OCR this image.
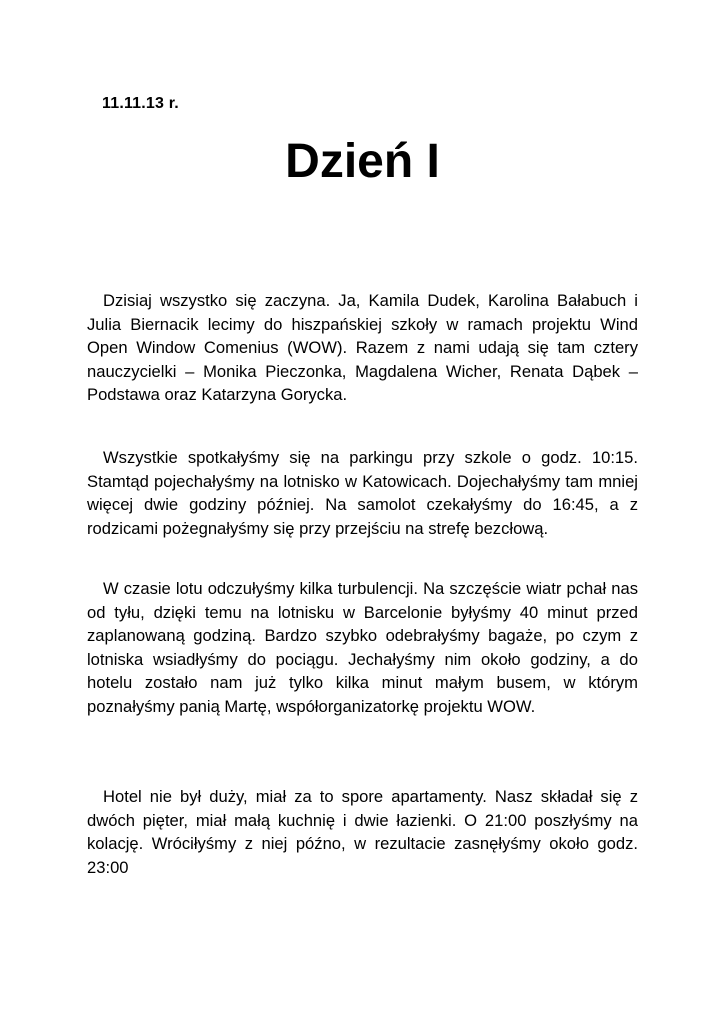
11.11.13 r.
Dzień I

Dzisiaj wszystko się zaczyna. Ja, Kamila Dudek, Karolina Bałabuch i Julia Biernacik lecimy do hiszpańskiej szkoły w ramach projektu Wind Open Window Comenius (WOW). Razem z nami udają się tam cztery nauczycielki – Monika Pieczonka, Magdalena Wicher, Renata Dąbek – Podstawa oraz Katarzyna Gorycka.

Wszystkie spotkałyśmy się na parkingu przy szkole o godz. 10:15. Stamtąd pojechałyśmy na lotnisko w Katowicach. Dojechałyśmy tam mniej więcej dwie godziny później. Na samolot czekałyśmy do 16:45, a z rodzicami pożegnałyśmy się przy przejściu na strefę bezcłową.

W czasie lotu odczułyśmy kilka turbulencji. Na szczęście wiatr pchał nas od tyłu, dzięki temu na lotnisku w Barcelonie byłyśmy 40 minut przed zaplanowaną godziną. Bardzo szybko odebrałyśmy bagaże, po czym z lotniska wsiadłyśmy do pociągu. Jechałyśmy nim około godziny, a do hotelu zostało nam już tylko kilka minut małym busem, w którym poznałyśmy panią Martę, współorganizatorkę projektu WOW.

Hotel nie był duży, miał za to spore apartamenty. Nasz składał się z dwóch pięter, miał małą kuchnię i dwie łazienki. O 21:00 poszłyśmy na kolację. Wróciłyśmy z niej późno, w rezultacie zasnęłyśmy około godz. 23:00
